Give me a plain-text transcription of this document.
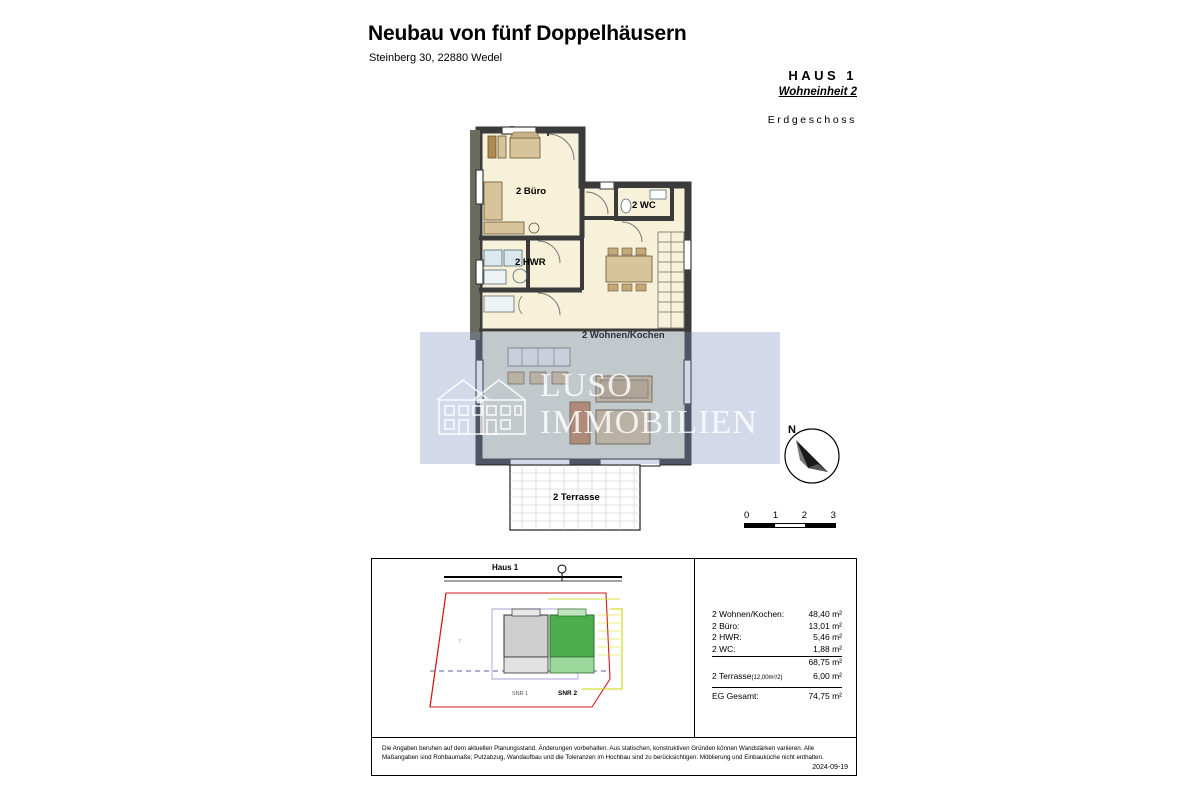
Neubau von fünf Doppelhäusern
Steinberg 30, 22880 Wedel
HAUS 1
Wohneinheit 2
Erdgeschoss
2 Büro
2 WC
2 HWR
2 Wohnen/Kochen
2 Terrasse
LUSO
IMMOBILIEN	N
0 1 2 3
SNR 1	SNR 2
7
Haus 1
2 Wohnen/Kochen:	48,40 m²
2 Büro:	13,01 m²
2 HWR:	5,46 m²
2 WC:	1,88 m²
68,75 m²
2 Terrasse(12,00m²/2)	6,00 m²
EG Gesamt:	74,75 m²
Die Angaben beruhen auf dem aktuellen Planungsstand. Änderungen vorbehalten. Aus statischen, konstruktiven Gründen können Wandstärken variieren. Alle Maßangaben sind Rohbaumaße; Putzabzug, Wandaufbau und die Toleranzen im Hochbau sind zu berücksichtigen. Möblierung und Einbauküche nicht enthalten.
2024-09-19
